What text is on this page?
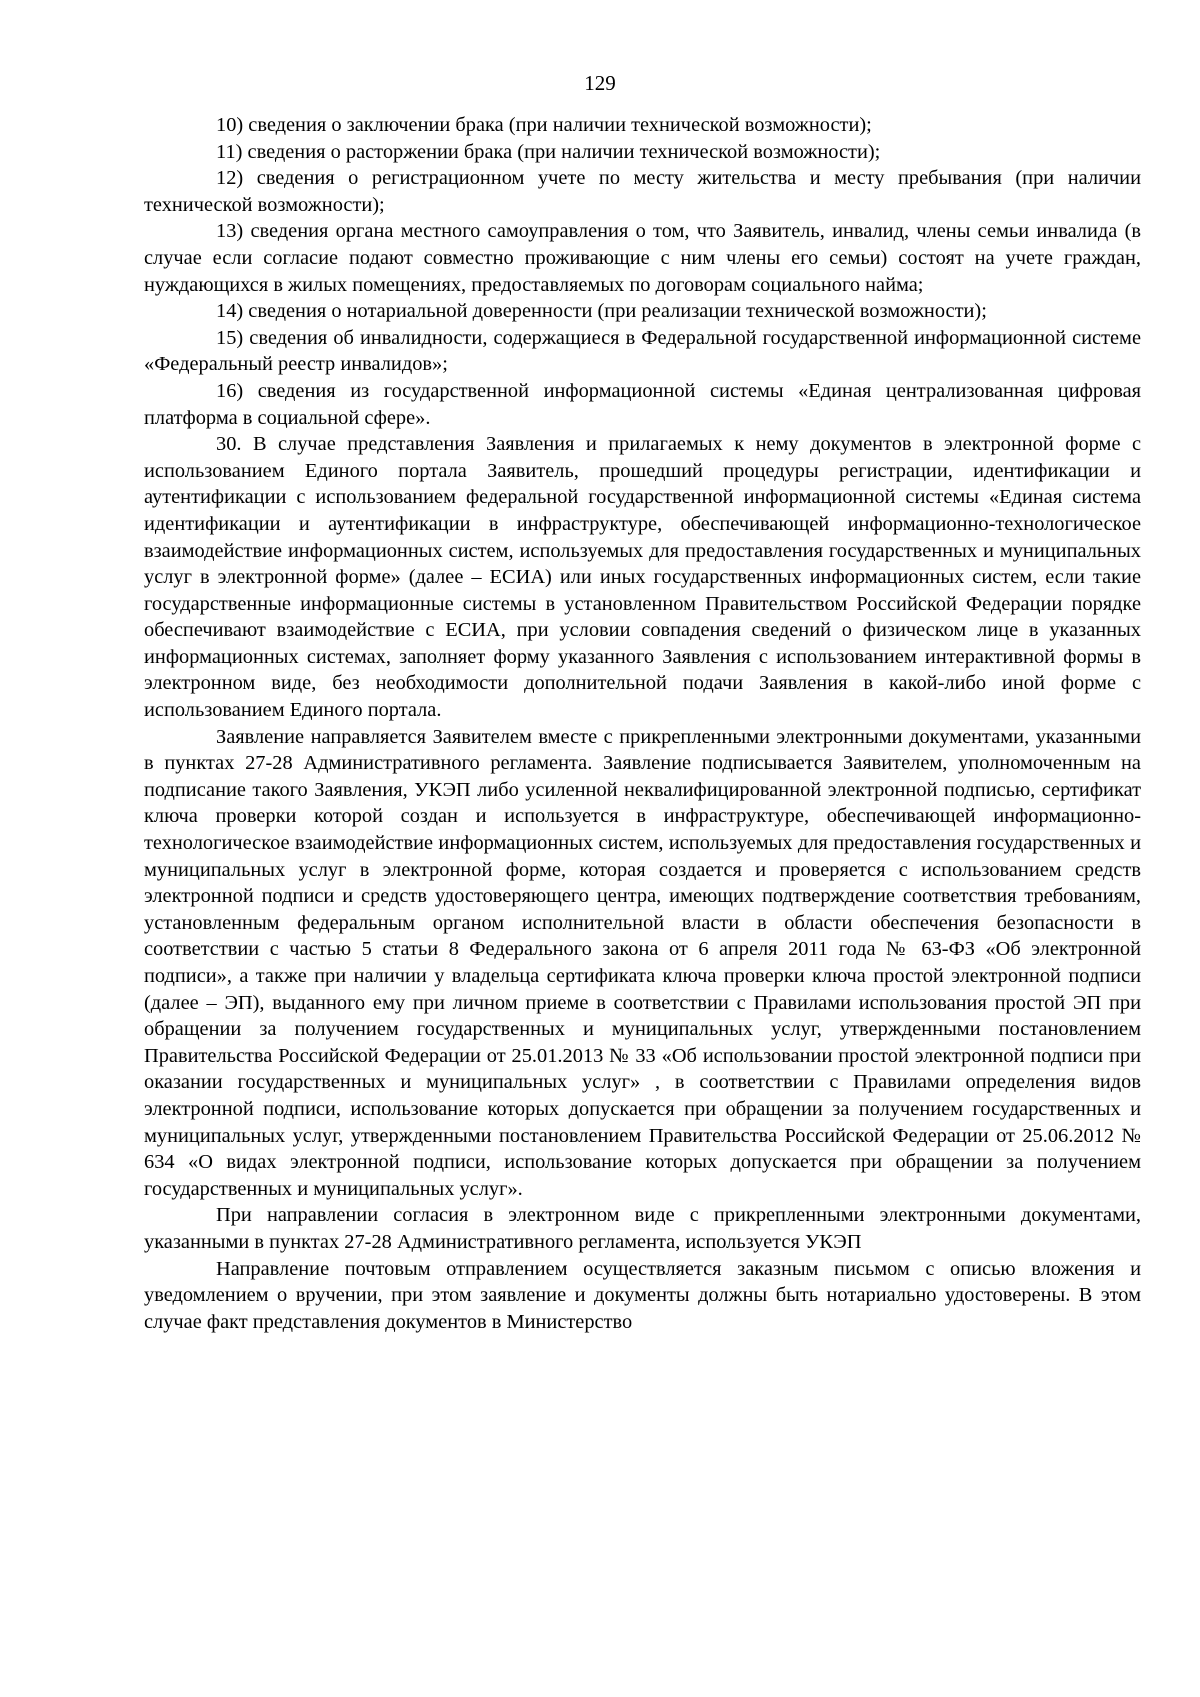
129

10) сведения о заключении брака (при наличии технической возможности);

11) сведения о расторжении брака (при наличии технической возможности);

12) сведения о регистрационном учете по месту жительства и месту пребывания (при наличии технической возможности);

13) сведения органа местного самоуправления о том, что Заявитель, инвалид, члены семьи инвалида (в случае если согласие подают совместно проживающие с ним члены его семьи) состоят на учете граждан, нуждающихся в жилых помещениях, предоставляемых по договорам социального найма;

14) сведения о нотариальной доверенности (при реализации технической возможности);

15) сведения об инвалидности, содержащиеся в Федеральной государственной информационной системе «Федеральный реестр инвалидов»;

16) сведения из государственной информационной системы «Единая централизованная цифровая платформа в социальной сфере».

30. В случае представления Заявления и прилагаемых к нему документов в электронной форме с использованием Единого портала Заявитель, прошедший процедуры регистрации, идентификации и аутентификации с использованием федеральной государственной информационной системы «Единая система идентификации и аутентификации в инфраструктуре, обеспечивающей информационно-технологическое взаимодействие информационных систем, используемых для предоставления государственных и муниципальных услуг в электронной форме» (далее – ЕСИА) или иных государственных информационных систем, если такие государственные информационные системы в установленном Правительством Российской Федерации порядке обеспечивают взаимодействие с ЕСИА, при условии совпадения сведений о физическом лице в указанных информационных системах, заполняет форму указанного Заявления с использованием интерактивной формы в электронном виде, без необходимости дополнительной подачи Заявления в какой-либо иной форме с использованием Единого портала.

Заявление направляется Заявителем вместе с прикрепленными электронными документами, указанными в пунктах 27-28 Административного регламента. Заявление подписывается Заявителем, уполномоченным на подписание такого Заявления, УКЭП либо усиленной неквалифицированной электронной подписью, сертификат ключа проверки которой создан и используется в инфраструктуре, обеспечивающей информационно-технологическое взаимодействие информационных систем, используемых для предоставления государственных и муниципальных услуг в электронной форме, которая создается и проверяется с использованием средств электронной подписи и средств удостоверяющего центра, имеющих подтверждение соответствия требованиям, установленным федеральным органом исполнительной власти в области обеспечения безопасности в соответствии с частью 5 статьи 8 Федерального закона от 6 апреля 2011 года № 63-ФЗ «Об электронной подписи», а также при наличии у владельца сертификата ключа проверки ключа простой электронной подписи (далее – ЭП), выданного ему при личном приеме в соответствии с Правилами использования простой ЭП при обращении за получением государственных и муниципальных услуг, утвержденными постановлением Правительства Российской Федерации от 25.01.2013 № 33 «Об использовании простой электронной подписи при оказании государственных и муниципальных услуг» , в соответствии с Правилами определения видов электронной подписи, использование которых допускается при обращении за получением государственных и муниципальных услуг, утвержденными постановлением Правительства Российской Федерации от 25.06.2012 № 634 «О видах электронной подписи, использование которых допускается при обращении за получением государственных и муниципальных услуг».

При направлении согласия в электронном виде с прикрепленными электронными документами, указанными в пунктах 27-28 Административного регламента, используется УКЭП

Направление почтовым отправлением осуществляется заказным письмом с описью вложения и уведомлением о вручении, при этом заявление и документы должны быть нотариально удостоверены. В этом случае факт представления документов в Министерство
